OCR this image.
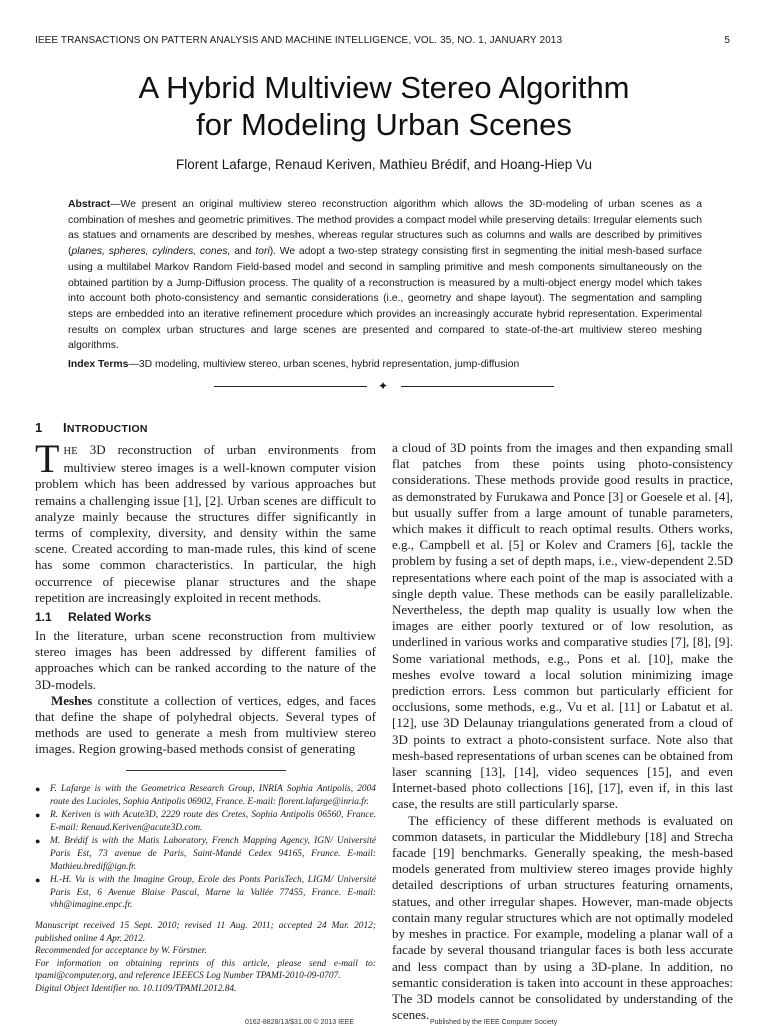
IEEE TRANSACTIONS ON PATTERN ANALYSIS AND MACHINE INTELLIGENCE, VOL. 35, NO. 1, JANUARY 2013	5
A Hybrid Multiview Stereo Algorithm
for Modeling Urban Scenes
Florent Lafarge, Renaud Keriven, Mathieu Brédif, and Hoang-Hiep Vu
Abstract—We present an original multiview stereo reconstruction algorithm which allows the 3D-modeling of urban scenes as a combination of meshes and geometric primitives. The method provides a compact model while preserving details: Irregular elements such as statues and ornaments are described by meshes, whereas regular structures such as columns and walls are described by primitives (planes, spheres, cylinders, cones, and tori). We adopt a two-step strategy consisting first in segmenting the initial mesh-based surface using a multilabel Markov Random Field-based model and second in sampling primitive and mesh components simultaneously on the obtained partition by a Jump-Diffusion process. The quality of a reconstruction is measured by a multi-object energy model which takes into account both photo-consistency and semantic considerations (i.e., geometry and shape layout). The segmentation and sampling steps are embedded into an iterative refinement procedure which provides an increasingly accurate hybrid representation. Experimental results on complex urban structures and large scenes are presented and compared to state-of-the-art multiview stereo meshing algorithms.
Index Terms—3D modeling, multiview stereo, urban scenes, hybrid representation, jump-diffusion
✦
1 INTRODUCTION

THE 3D reconstruction of urban environments from multiview stereo images is a well-known computer vision problem which has been addressed by various approaches but remains a challenging issue [1], [2]. Urban scenes are difficult to analyze mainly because the structures differ significantly in terms of complexity, diversity, and density within the same scene. Created according to man-made rules, this kind of scene has some common characteristics. In particular, the high occurrence of piecewise planar structures and the shape repetition are increasingly exploited in recent methods.

1.1 Related Works

In the literature, urban scene reconstruction from multiview stereo images has been addressed by different families of approaches which can be ranked according to the nature of the 3D-models.

Meshes constitute a collection of vertices, edges, and faces that define the shape of polyhedral objects. Several types of methods are used to generate a mesh from multiview stereo images. Region growing-based methods consist of generating

a cloud of 3D points from the images and then expanding small flat patches from these points using photo-consistency considerations. These methods provide good results in practice, as demonstrated by Furukawa and Ponce [3] or Goesele et al. [4], but usually suffer from a large amount of tunable parameters, which makes it difficult to reach optimal results. Others works, e.g., Campbell et al. [5] or Kolev and Cramers [6], tackle the problem by fusing a set of depth maps, i.e., view-dependent 2.5D representations where each point of the map is associated with a single depth value. These methods can be easily parallelizable. Nevertheless, the depth map quality is usually low when the images are either poorly textured or of low resolution, as underlined in various works and comparative studies [7], [8], [9]. Some variational methods, e.g., Pons et al. [10], make the meshes evolve toward a local solution minimizing image prediction errors. Less common but particularly efficient for occlusions, some methods, e.g., Vu et al. [11] or Labatut et al. [12], use 3D Delaunay triangulations generated from a cloud of 3D points to extract a photo-consistent surface. Note also that mesh-based representations of urban scenes can be obtained from laser scanning [13], [14], video sequences [15], and even Internet-based photo collections [16], [17], even if, in this last case, the results are still particularly sparse.

The efficiency of these different methods is evaluated on common datasets, in particular the Middlebury [18] and Strecha facade [19] benchmarks. Generally speaking, the mesh-based models generated from multiview stereo images provide highly detailed descriptions of urban structures featuring ornaments, statues, and other irregular shapes. However, man-made objects contain many regular structures which are not optimally modeled by meshes in practice. For example, modeling a planar wall of a facade by several thousand triangular faces is both less accurate and less compact than by using a 3D-plane. In addition, no semantic consideration is taken into account in these approaches: The 3D models cannot be consolidated by understanding of the scenes.

● F. Lafarge is with the Geometrica Research Group, INRIA Sophia Antipolis, 2004 route des Lucioles, Sophia Antipolis 06902, France. E-mail: florent.lafarge@inria.fr.
● R. Keriven is with Acute3D, 2229 route des Cretes, Sophia Antipolis 06560, France. E-mail: Renaud.Keriven@acute3D.com.
● M. Brédif is with the Matis Laboratory, French Mapping Agency, IGN/ Université Paris Est, 73 avenue de Paris, Saint-Mandé Cedex 94165, France. E-mail: Mathieu.bredif@ign.fr.
● H.-H. Vu is with the Imagine Group, Ecole des Ponts ParisTech, LIGM/ Université Paris Est, 6 Avenue Blaise Pascal, Marne la Vallée 77455, France. E-mail: vhh@imagine.enpc.fr.
Manuscript received 15 Sept. 2010; revised 11 Aug. 2011; accepted 24 Mar. 2012; published online 4 Apr. 2012.
Recommended for acceptance by W. Förstner.
For information on obtaining reprints of this article, please send e-mail to: tpami@computer.org, and reference IEEECS Log Number TPAMI-2010-09-0707.
Digital Object Identifier no. 10.1109/TPAMI.2012.84.
0162-8828/13/$31.00 © 2013 IEEE	Published by the IEEE Computer Society
